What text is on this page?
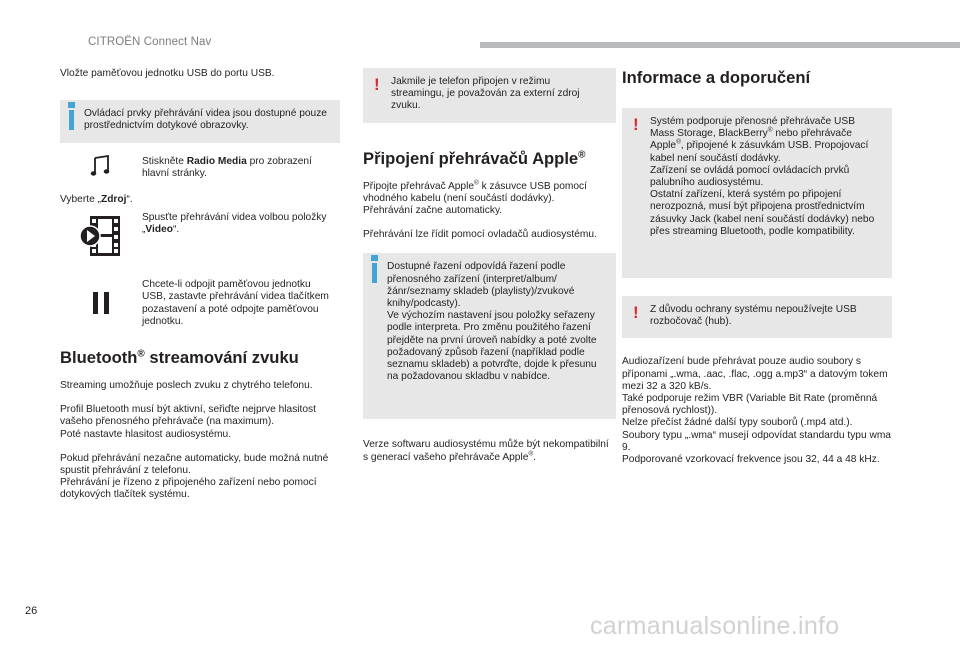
CITROËN Connect Nav

Vložte paměťovou jednotku USB do portu USB.

Ovládací prvky přehrávání videa jsou dostupné pouze prostřednictvím dotykové obrazovky.
Stiskněte Radio Media pro zobrazení hlavní stránky.

Vyberte „Zdroj“.

Spusťte přehrávání videa volbou položky „Video“.
Chcete-li odpojit paměťovou jednotku USB, zastavte přehrávání videa tlačítkem pozastavení a poté odpojte paměťovou jednotku.
Bluetooth® streamování zvuku

Streaming umožňuje poslech zvuku z chytrého telefonu.

Profil Bluetooth musí být aktivní, seřiďte nejprve hlasitost vašeho přenosného přehrávače (na maximum).

Poté nastavte hlasitost audiosystému.

Pokud přehrávání nezačne automaticky, bude možná nutné spustit přehrávání z telefonu.

Přehrávání je řízeno z připojeného zařízení nebo pomocí dotykových tlačítek systému.

!	Jakmile je telefon připojen v režimu streamingu, je považován za externí zdroj zvuku.
Připojení přehrávačů Apple®

Připojte přehrávač Apple® k zásuvce USB pomocí vhodného kabelu (není součástí dodávky).

Přehrávání začne automaticky.

Přehrávání lze řídit pomocí ovladačů audiosystému.

Dostupné řazení odpovídá řazení podle přenosného zařízení (interpret/album/žánr/seznamy skladeb (playlisty)/zvukové knihy/podcasty).

Ve výchozím nastavení jsou položky seřazeny podle interpreta. Pro změnu použitého řazení přejděte na první úroveň nabídky a poté zvolte požadovaný způsob řazení (například podle seznamu skladeb) a potvrďte, dojde k přesunu na požadovanou skladbu v nabídce.

Verze softwaru audiosystému může být nekompatibilní s generací vašeho přehrávače Apple®.

Informace a doporučení
!	Systém podporuje přenosné přehrávače USB Mass Storage, BlackBerry® nebo přehrávače Apple®, připojené k zásuvkám USB. Propojovací kabel není součástí dodávky.

Zařízení se ovládá pomocí ovládacích prvků palubního audiosystému.

Ostatní zařízení, která systém po připojení nerozpozná, musí být připojena prostřednictvím zásuvky Jack (kabel není součástí dodávky) nebo přes streaming Bluetooth, podle kompatibility.

!	Z důvodu ochrany systému nepoužívejte USB rozbočovač (hub).

Audiozařízení bude přehrávat pouze audio soubory s příponami „.wma, .aac, .flac, .ogg a.mp3“ a datovým tokem mezi 32 a 320 kB/s.

Také podporuje režim VBR (Variable Bit Rate (proměnná přenosová rychlost)).

Nelze přečíst žádné další typy souborů (.mp4 atd.).

Soubory typu „.wma“ musejí odpovídat standardu typu wma 9.

Podporované vzorkovací frekvence jsou 32, 44 a 48 kHz.

26
carmanualsonline.info
